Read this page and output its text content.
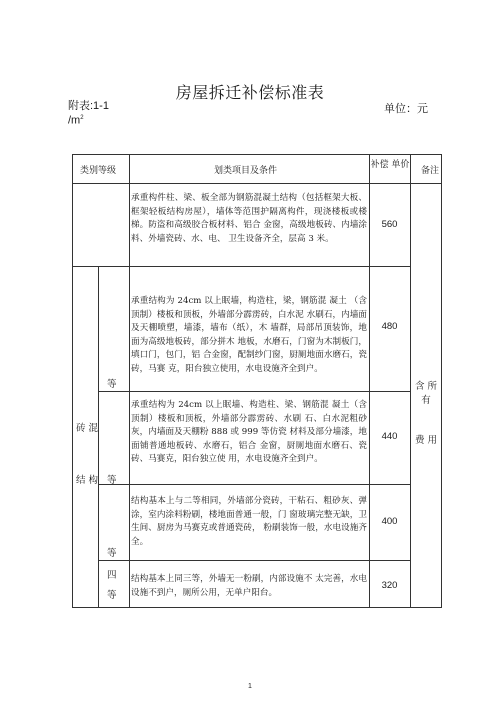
房屋拆迁补偿标准表
附表:1-1
$/m^2$
单位：元
类别等级	划类项目及条件
补偿 单价
备注
砖 混
结 构
等
等
等
四 等
承重构件柱、梁、板全部为钢筋混凝土结构（包括框架大板、框架轻板结构房屋），墙体等范围护隔离构件，现浇楼板或楼梯。防盗和高级胶合板材料、铝合 金窗，高级地板砖、内墙涂料、外墙瓷砖、水、电、 卫生设备齐全，层高 3 米。
承重结构为 24cm 以上眠墙，构造柱，梁，钢筋混 凝土 （含顶制）楼板和顶板，外墙部分霹雳砖，白水泥 水刷石，内墙面及天棚喷塑，墙漆，墙布（纸），木 墙群，局部吊顶装饰，地面为高级地板砖，部分拼木 地板，水磨石，门窗为木制板门，填口门，包门，铝 合金窗，配制纱门窗，厨厕地面水磨石，瓷砖，马赛 克，阳台独立使用，水电设施齐全到户。
承重结构为 24cm 以上眠墙、构造柱、梁、钢筋混 凝土（含顶制）楼板和顶板，外墙部分霹雳砖、水刷 石、白水泥粗砂灰，内墙面及天棚粉 888 或 999 等仿瓷 材料及部分墙漆，地面铺普通地板砖、水磨石，铝合 金窗，厨厕地面水磨石、瓷砖、马赛克，阳台独立使 用，水电设施齐全到户。
结构基本上与二等相同，外墙部分瓷砖，干粘石、粗砂灰、弹涂，室内涂料粉刷，楼地面普通一般，门 窗玻璃完整无缺，卫生间、厨房为马赛克或普通瓷砖， 粉刷装饰一般，水电设施齐全。
结构基本上同三等，外墙无一粉刷，内部设施不 太完善，水电设施不到户，厕所公用，无单户阳台。
560
480
440
400
320
含 所 有
费 用
1
